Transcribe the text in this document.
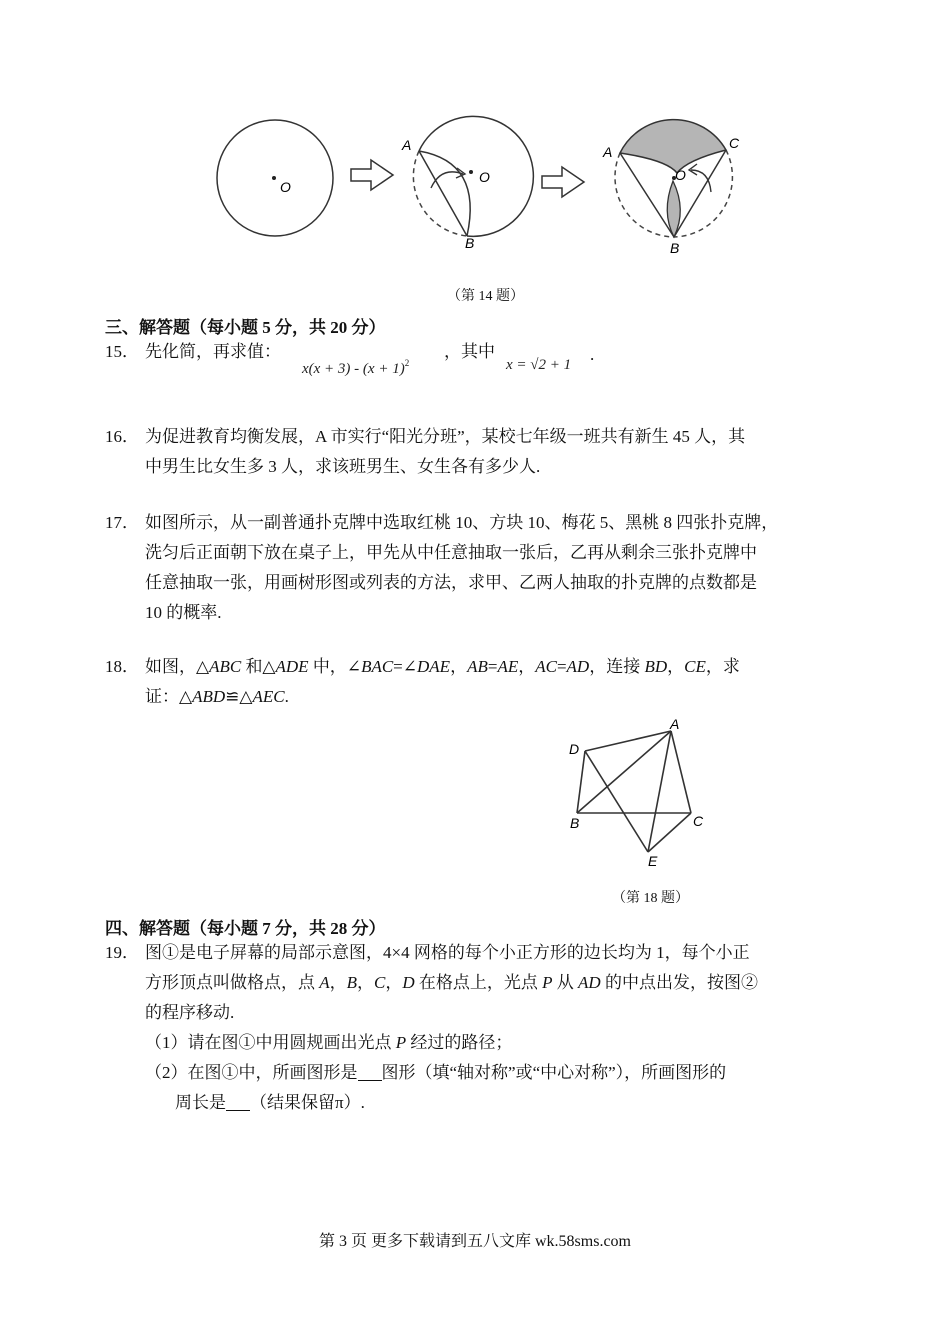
O
A
O
B
A
C
O
B
（第 14 题）
三、解答题（每小题 5 分，共 20 分）
15． 先化简，再求值：
$x(x + 3) - (x + 1)^2$
，其中
x = √2 + 1
.
16． 为促进教育均衡发展，A 市实行“阳光分班”，某校七年级一班共有新生 45 人，其
中男生比女生多 3 人，求该班男生、女生各有多少人.
17． 如图所示，从一副普通扑克牌中选取红桃 10、方块 10、梅花 5、黑桃 8 四张扑克牌，
洗匀后正面朝下放在桌子上，甲先从中任意抽取一张后，乙再从剩余三张扑克牌中
任意抽取一张，用画树形图或列表的方法，求甲、乙两人抽取的扑克牌的点数都是
10 的概率.
18． 如图，△ABC 和△ADE 中，∠BAC=∠DAE，AB=AE，AC=AD，连接 BD，CE，求
证：△ABD≌△AEC.
A
D
B	C
E
（第 18 题）
四、解答题（每小题 7 分，共 28 分）
19． 图①是电子屏幕的局部示意图，4×4 网格的每个小正方形的边长均为 1，每个小正
方形顶点叫做格点，点 A，B，C，D 在格点上，光点 P 从 AD 的中点出发，按图②
的程序移动.
（1）请在图①中用圆规画出光点 P 经过的路径；
（2）在图①中，所画图形是 图形（填“轴对称”或“中心对称”），所画图形的
周长是 （结果保留π）.
第 3 页 更多下载请到五八文库 wk.58sms.com
